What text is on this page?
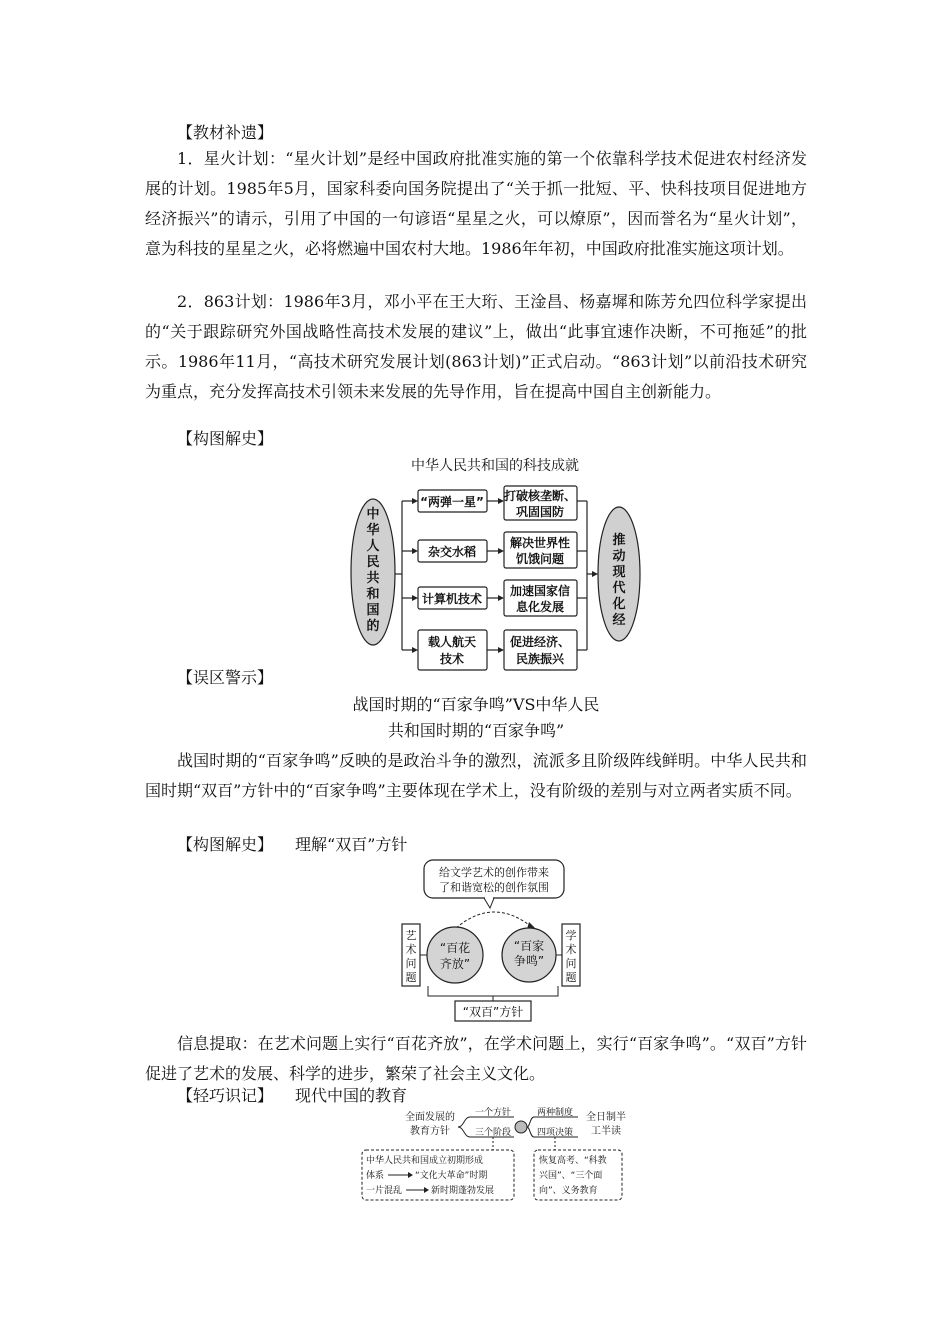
【教材补遗】
1．星火计划：“星火计划”是经中国政府批准实施的第一个依靠科学技术促进农村经济发展的计划。1985年5月，国家科委向国务院提出了“关于抓一批短、平、快科技项目促进地方经济振兴”的请示，引用了中国的一句谚语“星星之火，可以燎原”，因而誉名为“星火计划”，意为科技的星星之火，必将燃遍中国农村大地。1986年年初，中国政府批准实施这项计划。
2．863计划：1986年3月，邓小平在王大珩、王淦昌、杨嘉墀和陈芳允四位科学家提出的“关于跟踪研究外国战略性高技术发展的建议”上，做出“此事宜速作决断，不可拖延”的批示。1986年11月，“高技术研究发展计划(863计划)”正式启动。“863计划”以前沿技术研究为重点，充分发挥高技术引领未来发展的先导作用，旨在提高中国自主创新能力。
【构图解史】
中华人民共和国的科技成就
中
华
人
民
共
和
国
的
推
动
现
代
化
经
“两弹一星”
杂交水稻
计算机技术
载人航天
技术
打破核垄断、
巩固国防
解决世界性
饥饿问题
加速国家信
息化发展
促进经济、
民族振兴
【误区警示】
战国时期的“百家争鸣”VS中华人民
共和国时期的“百家争鸣”
战国时期的“百家争鸣”反映的是政治斗争的激烈，流派多且阶级阵线鲜明。中华人民共和国时期“双百”方针中的“百家争鸣”主要体现在学术上，没有阶级的差别与对立两者实质不同。
【构图解史】 理解“双百”方针
给文学艺术的创作带来
了和谐宽松的创作氛围
艺
术
问
题
学
术
问
题
“百花
齐放”
“百家
争鸣”
“双百”方针
信息提取：在艺术问题上实行“百花齐放”，在学术问题上，实行“百家争鸣”。“双百”方针促进了艺术的发展、科学的进步，繁荣了社会主义文化。
【轻巧识记】 现代中国的教育
全面发展的
教育方针
一个方针
三个阶段
两种制度
四项决策
全日制半
工半读
中华人民共和国成立初期形成
体系	“文化大革命”时期
一片混乱	新时期蓬勃发展
恢复高考、“科教
兴国”、“三个面
向”、义务教育
